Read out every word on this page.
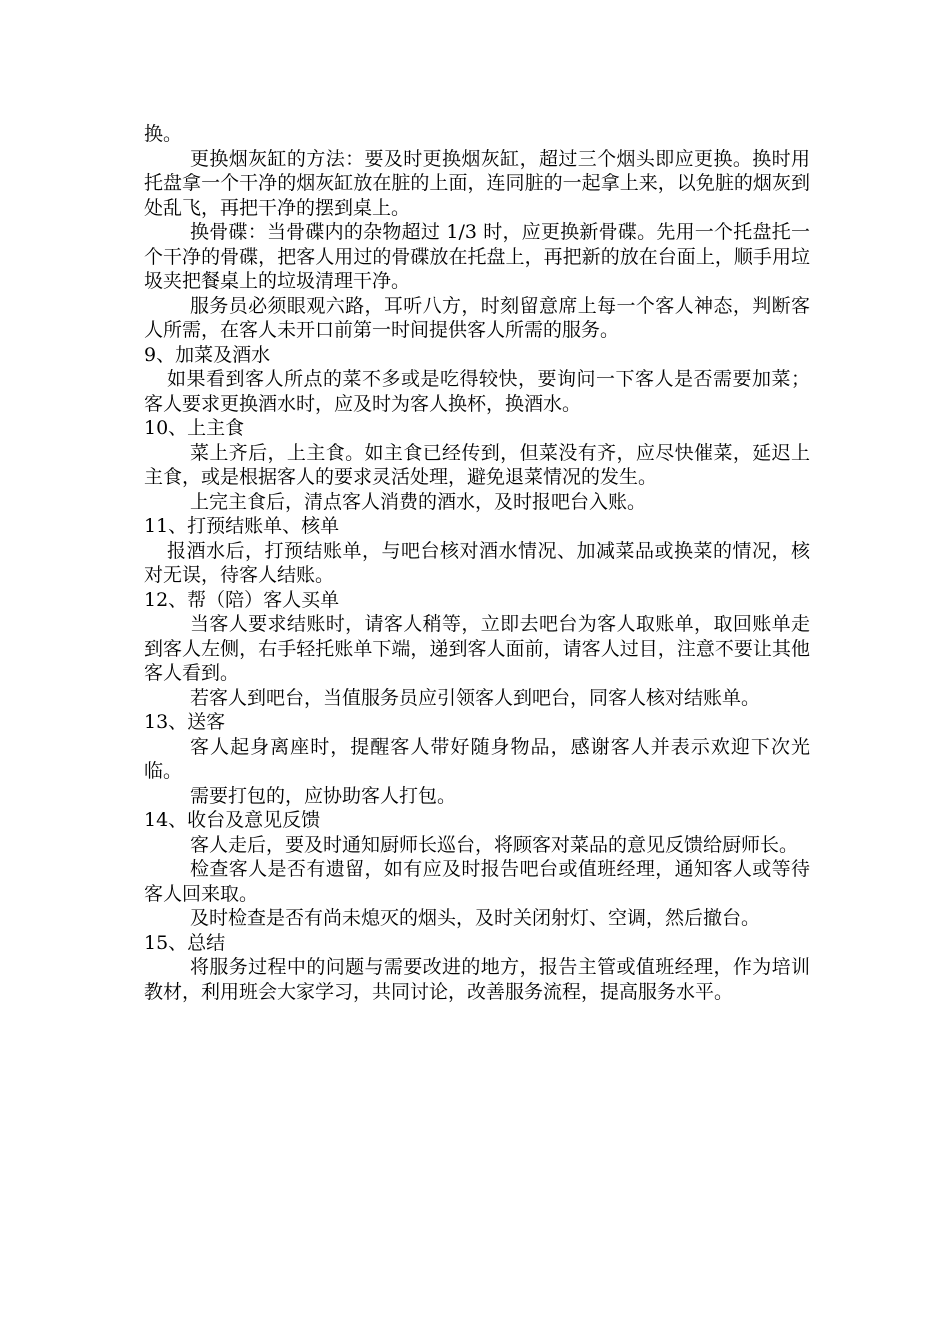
换。

更换烟灰缸的方法：要及时更换烟灰缸，超过三个烟头即应更换。换时用托盘拿一个干净的烟灰缸放在脏的上面，连同脏的一起拿上来，以免脏的烟灰到处乱飞，再把干净的摆到桌上。

换骨碟：当骨碟内的杂物超过 1/3 时，应更换新骨碟。先用一个托盘托一个干净的骨碟，把客人用过的骨碟放在托盘上，再把新的放在台面上，顺手用垃圾夹把餐桌上的垃圾清理干净。

服务员必须眼观六路，耳听八方，时刻留意席上每一个客人神态，判断客人所需，在客人未开口前第一时间提供客人所需的服务。

9、加菜及酒水

如果看到客人所点的菜不多或是吃得较快，要询问一下客人是否需要加菜；客人要求更换酒水时，应及时为客人换杯，换酒水。

10、上主食

菜上齐后，上主食。如主食已经传到，但菜没有齐，应尽快催菜，延迟上主食，或是根据客人的要求灵活处理，避免退菜情况的发生。

上完主食后，清点客人消费的酒水，及时报吧台入账。

11、打预结账单、核单

报酒水后，打预结账单，与吧台核对酒水情况、加减菜品或换菜的情况，核对无误，待客人结账。

12、帮（陪）客人买单

当客人要求结账时，请客人稍等，立即去吧台为客人取账单，取回账单走到客人左侧，右手轻托账单下端，递到客人面前，请客人过目，注意不要让其他客人看到。

若客人到吧台，当值服务员应引领客人到吧台，同客人核对结账单。

13、送客

客人起身离座时，提醒客人带好随身物品，感谢客人并表示欢迎下次光临。

需要打包的，应协助客人打包。

14、收台及意见反馈

客人走后，要及时通知厨师长巡台，将顾客对菜品的意见反馈给厨师长。

检查客人是否有遗留，如有应及时报告吧台或值班经理，通知客人或等待客人回来取。

及时检查是否有尚未熄灭的烟头，及时关闭射灯、空调，然后撤台。

15、总结

将服务过程中的问题与需要改进的地方，报告主管或值班经理，作为培训教材，利用班会大家学习，共同讨论，改善服务流程，提高服务水平。
